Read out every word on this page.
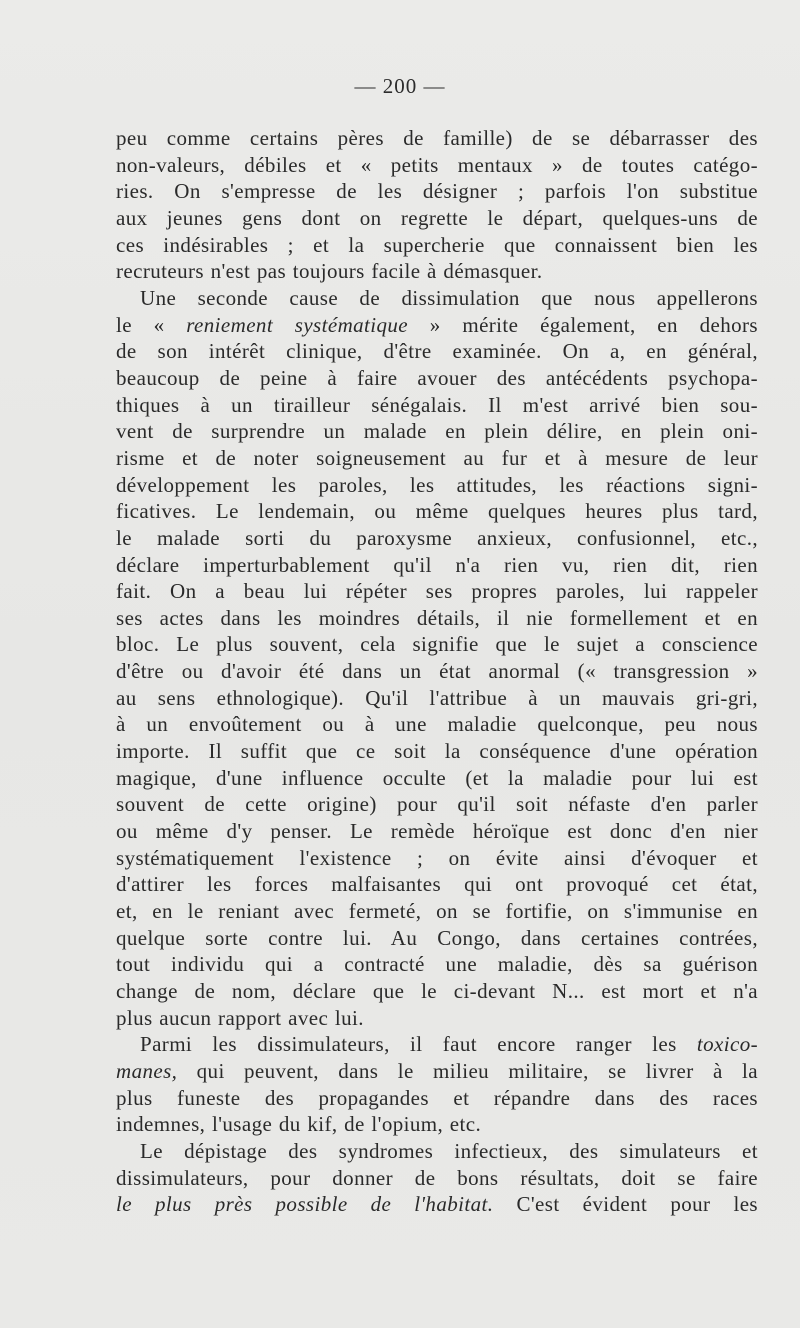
— 200 —
peu comme certains pères de famille) de se débarrasser des
non-valeurs, débiles et « petits mentaux » de toutes catégo-
ries. On s'empresse de les désigner ; parfois l'on substitue
aux jeunes gens dont on regrette le départ, quelques-uns de
ces indésirables ; et la supercherie que connaissent bien les
recruteurs n'est pas toujours facile à démasquer.
Une seconde cause de dissimulation que nous appellerons
le « reniement systématique » mérite également, en dehors
de son intérêt clinique, d'être examinée. On a, en général,
beaucoup de peine à faire avouer des antécédents psychopa-
thiques à un tirailleur sénégalais. Il m'est arrivé bien sou-
vent de surprendre un malade en plein délire, en plein oni-
risme et de noter soigneusement au fur et à mesure de leur
développement les paroles, les attitudes, les réactions signi-
ficatives. Le lendemain, ou même quelques heures plus tard,
le malade sorti du paroxysme anxieux, confusionnel, etc.,
déclare imperturbablement qu'il n'a rien vu, rien dit, rien
fait. On a beau lui répéter ses propres paroles, lui rappeler
ses actes dans les moindres détails, il nie formellement et en
bloc. Le plus souvent, cela signifie que le sujet a conscience
d'être ou d'avoir été dans un état anormal (« transgression »
au sens ethnologique). Qu'il l'attribue à un mauvais gri-gri,
à un envoûtement ou à une maladie quelconque, peu nous
importe. Il suffit que ce soit la conséquence d'une opération
magique, d'une influence occulte (et la maladie pour lui est
souvent de cette origine) pour qu'il soit néfaste d'en parler
ou même d'y penser. Le remède héroïque est donc d'en nier
systématiquement l'existence ; on évite ainsi d'évoquer et
d'attirer les forces malfaisantes qui ont provoqué cet état,
et, en le reniant avec fermeté, on se fortifie, on s'immunise en
quelque sorte contre lui. Au Congo, dans certaines contrées,
tout individu qui a contracté une maladie, dès sa guérison
change de nom, déclare que le ci-devant N... est mort et n'a
plus aucun rapport avec lui.
Parmi les dissimulateurs, il faut encore ranger les toxico-
manes, qui peuvent, dans le milieu militaire, se livrer à la
plus funeste des propagandes et répandre dans des races
indemnes, l'usage du kif, de l'opium, etc.
Le dépistage des syndromes infectieux, des simulateurs et
dissimulateurs, pour donner de bons résultats, doit se faire
le plus près possible de l'habitat. C'est évident pour les
